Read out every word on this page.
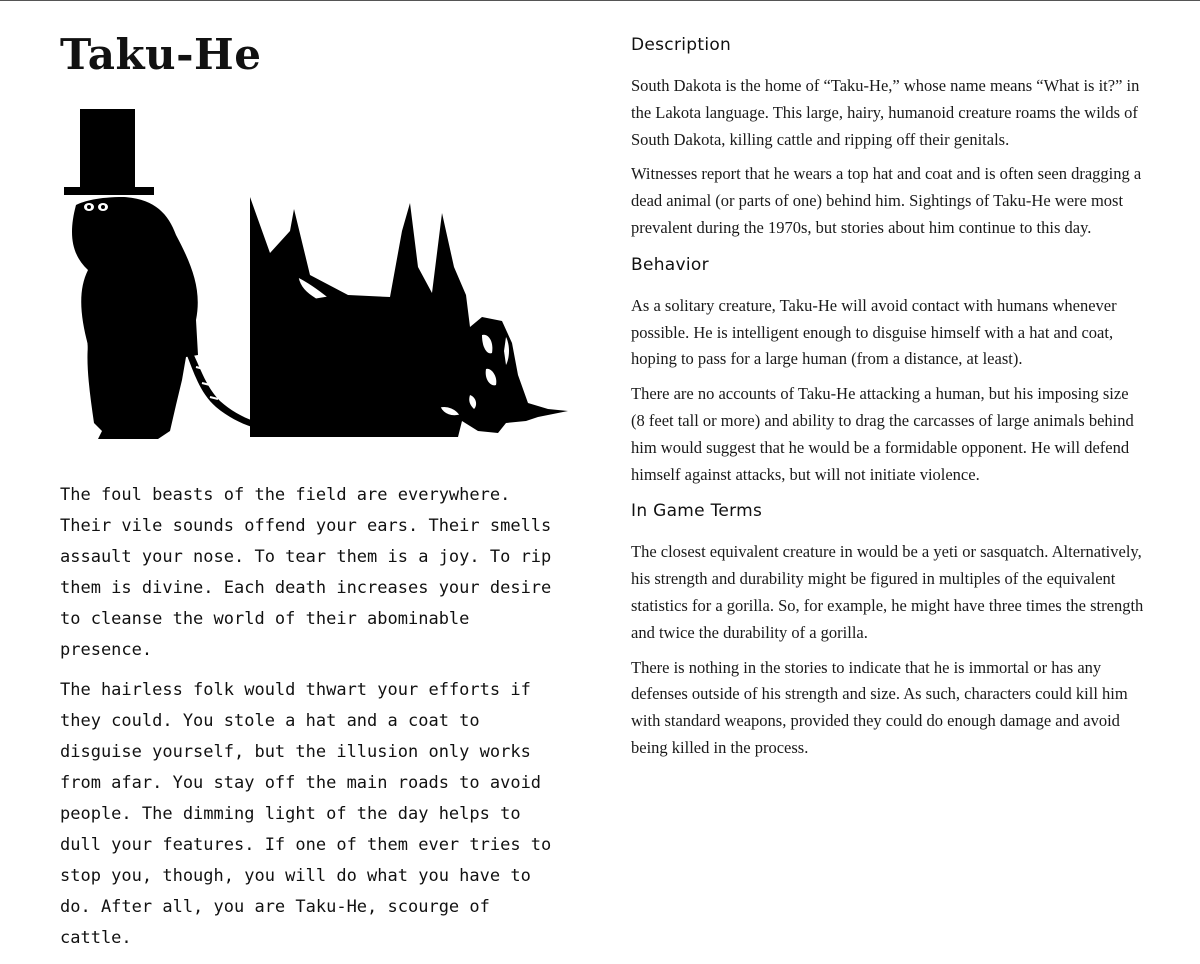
Taku-He

The foul beasts of the field are everywhere. Their vile sounds offend your ears. Their smells assault your nose. To tear them is a joy. To rip them is divine. Each death increases your desire to cleanse the world of their abominable presence.

The hairless folk would thwart your efforts if they could. You stole a hat and a coat to disguise yourself, but the illusion only works from afar. You stay off the main roads to avoid people. The dimming light of the day helps to dull your features. If one of them ever tries to stop you, though, you will do what you have to do. After all, you are Taku-He, scourge of cattle.

Description

South Dakota is the home of “Taku-He,” whose name means “What is it?” in the Lakota language. This large, hairy, humanoid creature roams the wilds of South Dakota, killing cattle and ripping off their genitals.

Witnesses report that he wears a top hat and coat and is often seen dragging a dead animal (or parts of one) behind him. Sightings of Taku-He were most prevalent during the 1970s, but stories about him continue to this day.

Behavior

As a solitary creature, Taku-He will avoid contact with humans whenever possible. He is intelligent enough to disguise himself with a hat and coat, hoping to pass for a large human (from a distance, at least).

There are no accounts of Taku-He attacking a human, but his imposing size (8 feet tall or more) and ability to drag the carcasses of large animals behind him would suggest that he would be a formidable opponent. He will defend himself against attacks, but will not initiate violence.

In Game Terms

The closest equivalent creature in would be a yeti or sasquatch. Alternatively, his strength and durability might be figured in multiples of the equivalent statistics for a gorilla. So, for example, he might have three times the strength and twice the durability of a gorilla.

There is nothing in the stories to indicate that he is immortal or has any defenses outside of his strength and size. As such, characters could kill him with standard weapons, provided they could do enough damage and avoid being killed in the process.
